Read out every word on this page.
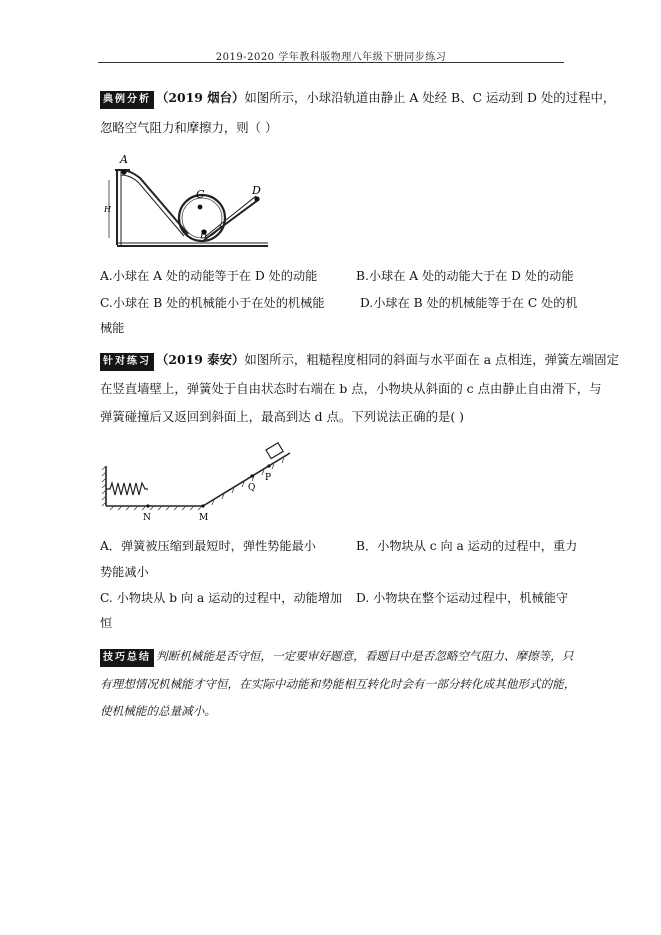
2019-2020 学年教科版物理八年级下册同步练习
典例分析 （2019 烟台）如图所示，小球沿轨道由静止 A 处经 B、C 运动到 D 处的过程中，
忽略空气阻力和摩擦力，则（ ）
A
C	D
B
H
A.小球在 A 处的动能等于在 D 处的动能	B.小球在 A 处的动能大于在 D 处的动能
C.小球在 B 处的机械能小于在处的机械能	D.小球在 B 处的机械能等于在 C 处的机
械能
针对练习 （2019 泰安）如图所示，粗糙程度相同的斜面与水平面在 a 点相连，弹簧左端固定
在竖直墙壁上，弹簧处于自由状态时右端在 b 点，小物块从斜面的 c 点由静止自由滑下，与
弹簧碰撞后又返回到斜面上，最高到达 d 点。下列说法正确的是( )
N	M
Q
P
A．弹簧被压缩到最短时，弹性势能最小	B．小物块从 c 向 a 运动的过程中，重力
势能减小
C. 小物块从 b 向 a 运动的过程中，动能增加 D. 小物块在整个运动过程中，机械能守
恒
技巧总结 判断机械能是否守恒，一定要审好题意，看题目中是否忽略空气阻力、摩擦等，只
有理想情况机械能才守恒，在实际中动能和势能相互转化时会有一部分转化成其他形式的能，
使机械能的总量减小。
